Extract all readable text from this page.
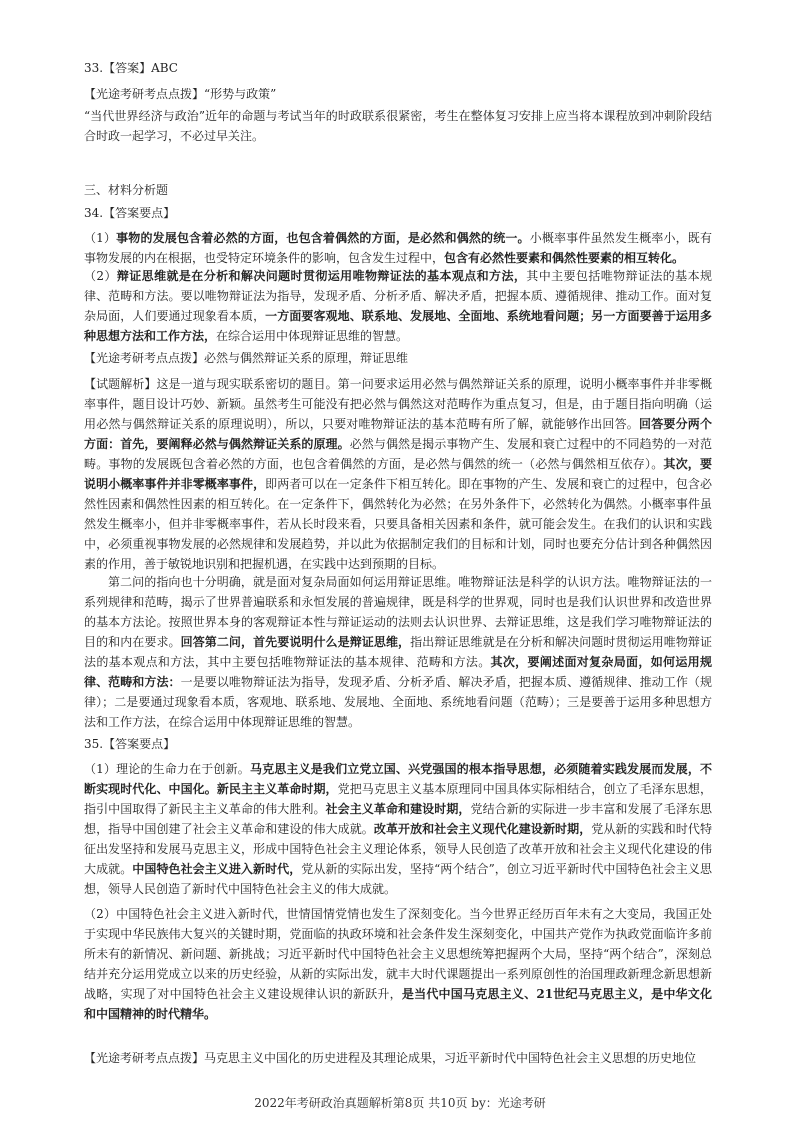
33.【答案】ABC
【光途考研考点点拨】“形势与政策”
“当代世界经济与政治”近年的命题与考试当年的时政联系很紧密，考生在整体复习安排上应当将本课程放到冲刺阶段结合时政一起学习，不必过早关注。
三、材料分析题
34.【答案要点】
（1）事物的发展包含着必然的方面，也包含着偶然的方面，是必然和偶然的统一。小概率事件虽然发生概率小，既有事物发展的内在根据，也受特定环境条件的影响，包含发生过程中，包含有必然性要素和偶然性要素的相互转化。
（2）辩证思维就是在分析和解决问题时贯彻运用唯物辩证法的基本观点和方法，其中主要包括唯物辩证法的基本规律、范畴和方法。要以唯物辩证法为指导，发现矛盾、分析矛盾、解决矛盾，把握本质、遵循规律、推动工作。面对复杂局面，人们要通过现象看本质，一方面要客观地、联系地、发展地、全面地、系统地看问题；另一方面要善于运用多种思想方法和工作方法，在综合运用中体现辩证思维的智慧。
【光途考研考点点拨】必然与偶然辩证关系的原理，辩证思维
【试题解析】这是一道与现实联系密切的题目。第一问要求运用必然与偶然辩证关系的原理，说明小概率事件并非零概率事件，题目设计巧妙、新颖。虽然考生可能没有把必然与偶然这对范畴作为重点复习，但是，由于题目指向明确（运用必然与偶然辩证关系的原理说明），所以，只要对唯物辩证法的基本范畴有所了解，就能够作出回答。回答要分两个方面：首先，要阐释必然与偶然辩证关系的原理。必然与偶然是揭示事物产生、发展和衰亡过程中的不同趋势的一对范畴。事物的发展既包含着必然的方面，也包含着偶然的方面，是必然与偶然的统一（必然与偶然相互依存）。其次，要说明小概率事件并非零概率事件，即两者可以在一定条件下相互转化。即在事物的产生、发展和衰亡的过程中，包含必然性因素和偶然性因素的相互转化。在一定条件下，偶然转化为必然；在另外条件下，必然转化为偶然。小概率事件虽然发生概率小，但并非零概率事件，若从长时段来看，只要具备相关因素和条件，就可能会发生。在我们的认识和实践中，必须重视事物发展的必然规律和发展趋势，并以此为依据制定我们的目标和计划，同时也要充分估计到各种偶然因素的作用，善于敏锐地识别和把握机遇，在实践中达到预期的目标。
第二问的指向也十分明确，就是面对复杂局面如何运用辩证思维。唯物辩证法是科学的认识方法。唯物辩证法的一系列规律和范畴，揭示了世界普遍联系和永恒发展的普遍规律，既是科学的世界观，同时也是我们认识世界和改造世界的基本方法论。按照世界本身的客观辩证本性与辩证运动的法则去认识世界、去辩证思维，这是我们学习唯物辩证法的目的和内在要求。回答第二问，首先要说明什么是辩证思维，指出辩证思维就是在分析和解决问题时贯彻运用唯物辩证法的基本观点和方法，其中主要包括唯物辩证法的基本规律、范畴和方法。其次，要阐述面对复杂局面，如何运用规律、范畴和方法：一是要以唯物辩证法为指导，发现矛盾、分析矛盾、解决矛盾，把握本质、遵循规律、推动工作（规律）；二是要通过现象看本质，客观地、联系地、发展地、全面地、系统地看问题（范畴）；三是要善于运用多种思想方法和工作方法，在综合运用中体现辩证思维的智慧。
35.【答案要点】
（1）理论的生命力在于创新。马克思主义是我们立党立国、兴党强国的根本指导思想，必须随着实践发展而发展，不断实现时代化、中国化。新民主主义革命时期，党把马克思主义基本原理同中国具体实际相结合，创立了毛泽东思想，指引中国取得了新民主主义革命的伟大胜利。社会主义革命和建设时期，党结合新的实际进一步丰富和发展了毛泽东思想，指导中国创建了社会主义革命和建设的伟大成就。改革开放和社会主义现代化建设新时期，党从新的实践和时代特征出发坚持和发展马克思主义，形成中国特色社会主义理论体系，领导人民创造了改革开放和社会主义现代化建设的伟大成就。中国特色社会主义进入新时代，党从新的实际出发，坚持“两个结合”，创立习近平新时代中国特色社会主义思想，领导人民创造了新时代中国特色社会主义的伟大成就。
（2）中国特色社会主义进入新时代，世情国情党情也发生了深刻变化。当今世界正经历百年未有之大变局，我国正处于实现中华民族伟大复兴的关键时期，党面临的执政环境和社会条件发生深刻变化，中国共产党作为执政党面临许多前所未有的新情况、新问题、新挑战；习近平新时代中国特色社会主义思想统筹把握两个大局，坚持“两个结合”，深刻总结并充分运用党成立以来的历史经验，从新的实际出发，就丰大时代课题提出一系列原创性的治国理政新理念新思想新战略，实现了对中国特色社会主义建设规律认识的新跃升，是当代中国马克思主义、21世纪马克思主义，是中华文化和中国精神的时代精华。
【光途考研考点点拨】马克思主义中国化的历史进程及其理论成果，习近平新时代中国特色社会主义思想的历史地位
2022年考研政治真题解析第8页 共10页 by：光途考研
